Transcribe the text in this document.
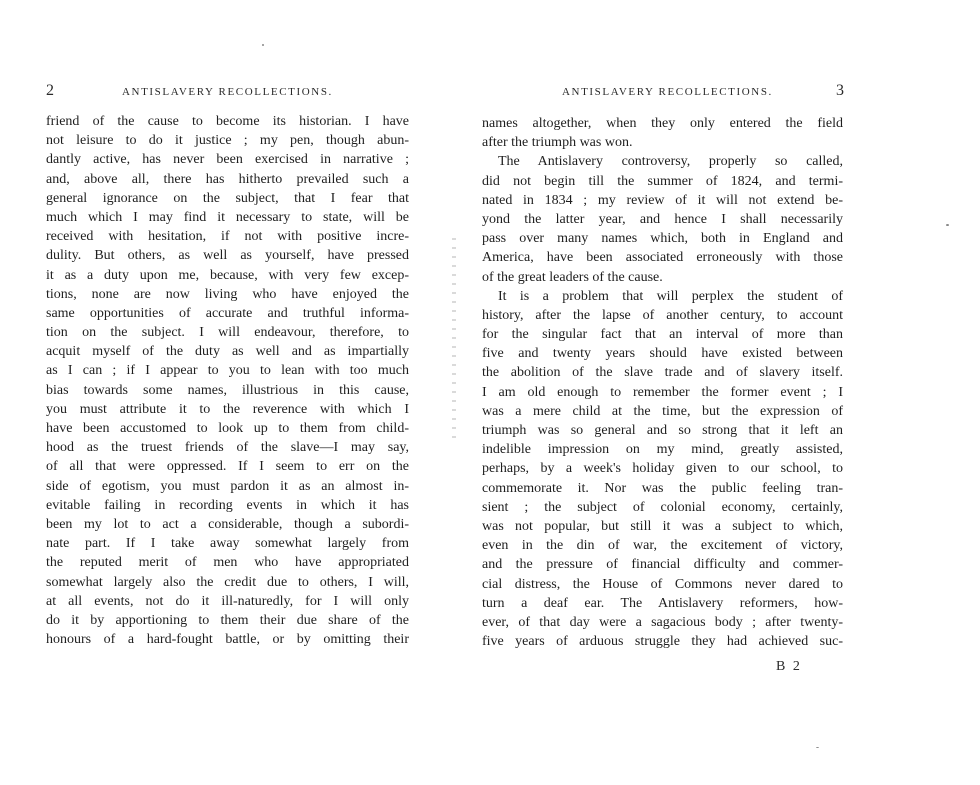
2	ANTISLAVERY RECOLLECTIONS.
friend of the cause to become its historian. I have
not leisure to do it justice ; my pen, though abun-
dantly active, has never been exercised in narrative ;
and, above all, there has hitherto prevailed such a
general ignorance on the subject, that I fear that
much which I may find it necessary to state, will be
received with hesitation, if not with positive incre-
dulity. But others, as well as yourself, have pressed
it as a duty upon me, because, with very few excep-
tions, none are now living who have enjoyed the
same opportunities of accurate and truthful informa-
tion on the subject. I will endeavour, therefore, to
acquit myself of the duty as well and as impartially
as I can ; if I appear to you to lean with too much
bias towards some names, illustrious in this cause,
you must attribute it to the reverence with which I
have been accustomed to look up to them from child-
hood as the truest friends of the slave—I may say,
of all that were oppressed. If I seem to err on the
side of egotism, you must pardon it as an almost in-
evitable failing in recording events in which it has
been my lot to act a considerable, though a subordi-
nate part. If I take away somewhat largely from
the reputed merit of men who have appropriated
somewhat largely also the credit due to others, I will,
at all events, not do it ill-naturedly, for I will only
do it by apportioning to them their due share of the
honours of a hard-fought battle, or by omitting their
ANTISLAVERY RECOLLECTIONS.	3
names altogether, when they only entered the field
after the triumph was won.
The Antislavery controversy, properly so called,
did not begin till the summer of 1824, and termi-
nated in 1834 ; my review of it will not extend be-
yond the latter year, and hence I shall necessarily
pass over many names which, both in England and
America, have been associated erroneously with those
of the great leaders of the cause.
It is a problem that will perplex the student of
history, after the lapse of another century, to account
for the singular fact that an interval of more than
five and twenty years should have existed between
the abolition of the slave trade and of slavery itself.
I am old enough to remember the former event ; I
was a mere child at the time, but the expression of
triumph was so general and so strong that it left an
indelible impression on my mind, greatly assisted,
perhaps, by a week's holiday given to our school, to
commemorate it. Nor was the public feeling tran-
sient ; the subject of colonial economy, certainly,
was not popular, but still it was a subject to which,
even in the din of war, the excitement of victory,
and the pressure of financial difficulty and commer-
cial distress, the House of Commons never dared to
turn a deaf ear. The Antislavery reformers, how-
ever, of that day were a sagacious body ; after twenty-
five years of arduous struggle they had achieved suc-
B 2
